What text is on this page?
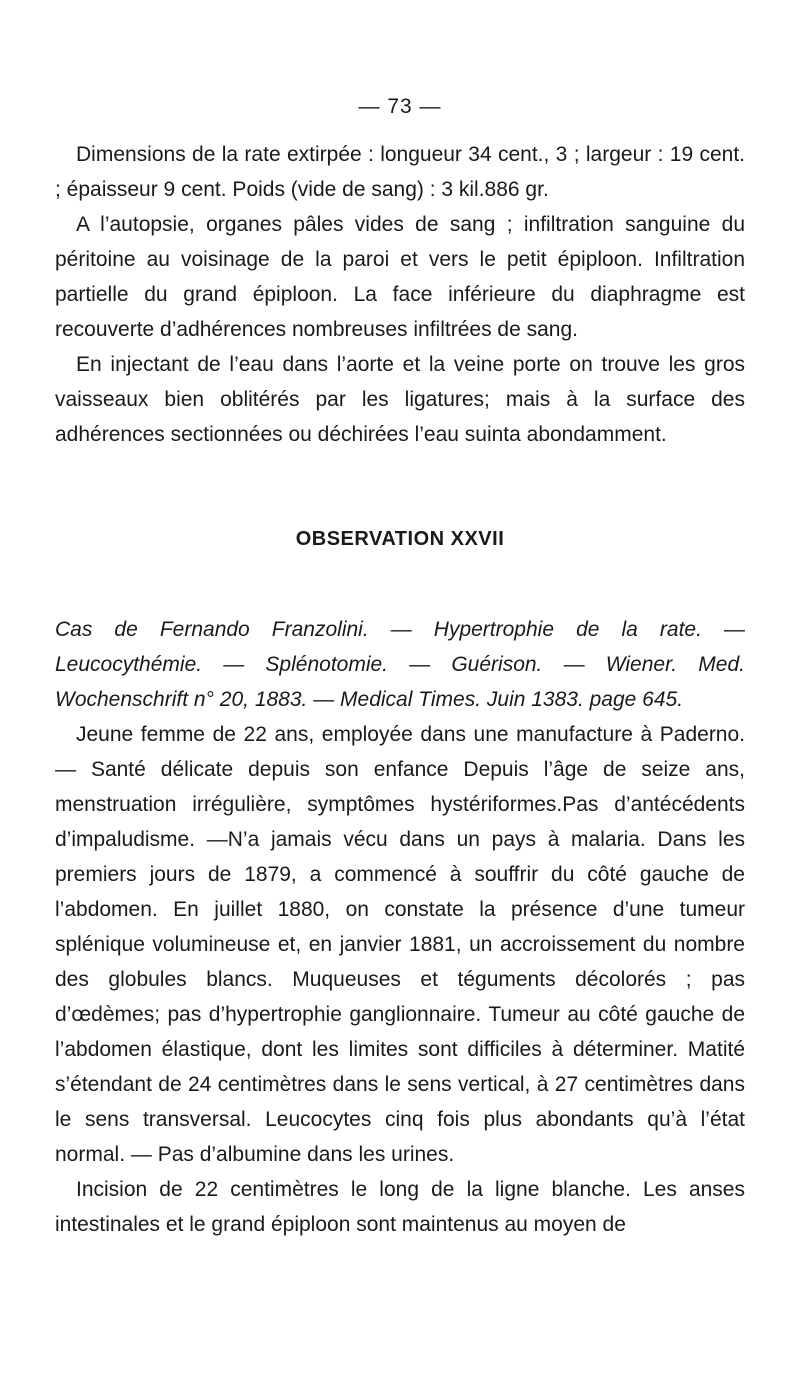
— 73 —

Dimensions de la rate extirpée : longueur 34 cent., 3 ; largeur : 19 cent. ; épaisseur 9 cent. Poids (vide de sang) : 3 kil.886 gr.

A l’autopsie, organes pâles vides de sang ; infiltration sanguine du péritoine au voisinage de la paroi et vers le petit épiploon. Infiltration partielle du grand épiploon. La face inférieure du diaphragme est recouverte d’adhérences nombreuses infiltrées de sang.

En injectant de l’eau dans l’aorte et la veine porte on trouve les gros vaisseaux bien oblitérés par les ligatures; mais à la surface des adhérences sectionnées ou déchirées l’eau suinta abondamment.

OBSERVATION XXVII

Cas de Fernando Franzolini. — Hypertrophie de la rate. — Leucocythémie. — Splénotomie. — Guérison. — Wiener. Med. Wochenschrift n° 20, 1883. — Medical Times. Juin 1383. page 645.

Jeune femme de 22 ans, employée dans une manufacture à Paderno. — Santé délicate depuis son enfance Depuis l’âge de seize ans, menstruation irrégulière, symptômes hystériformes.Pas d’antécédents d’impaludisme. —N’a jamais vécu dans un pays à malaria. Dans les premiers jours de 1879, a commencé à souffrir du côté gauche de l’abdomen. En juillet 1880, on constate la présence d’une tumeur splénique volumineuse et, en janvier 1881, un accroissement du nombre des globules blancs. Muqueuses et téguments décolorés ; pas d’œdèmes; pas d’hypertrophie ganglionnaire. Tumeur au côté gauche de l’abdomen élastique, dont les limites sont difficiles à déterminer. Matité s’étendant de 24 centimètres dans le sens vertical, à 27 centimètres dans le sens transversal. Leucocytes cinq fois plus abondants qu’à l’état normal. — Pas d’albumine dans les urines.

Incision de 22 centimètres le long de la ligne blanche. Les anses intestinales et le grand épiploon sont maintenus au moyen de
